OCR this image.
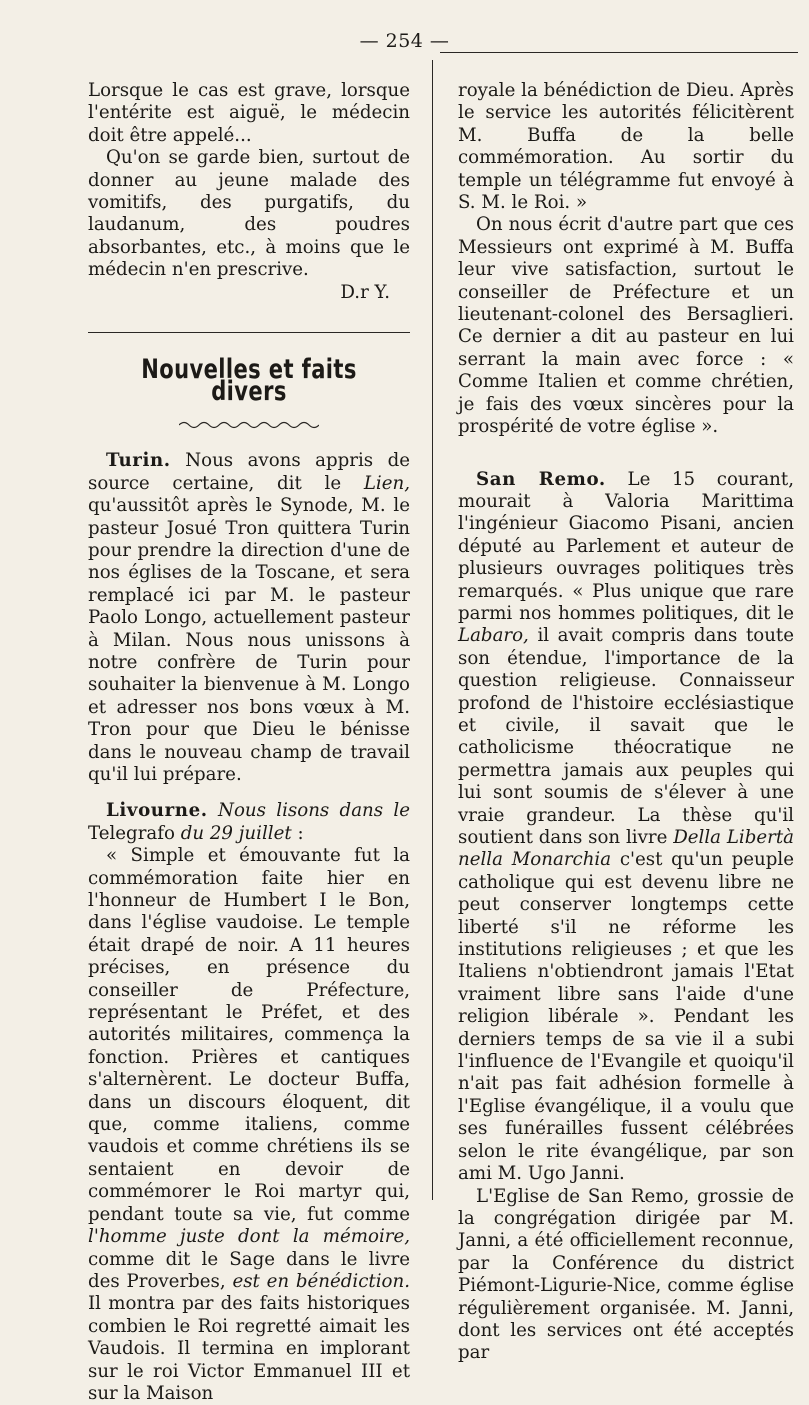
— 254 —

Lorsque le cas est grave, lorsque l'entérite est aiguë, le médecin doit être appelé...

Qu'on se garde bien, surtout de donner au jeune malade des vomitifs, des purgatifs, du laudanum, des poudres absorbantes, etc., à moins que le médecin n'en prescrive.

D.r Y.

Nouvelles et faits divers

Turin. Nous avons appris de source certaine, dit le Lien, qu'aussitôt après le Synode, M. le pasteur Josué Tron quittera Turin pour prendre la direction d'une de nos églises de la Toscane, et sera remplacé ici par M. le pasteur Paolo Longo, actuellement pasteur à Milan. Nous nous unissons à notre confrère de Turin pour souhaiter la bienvenue à M. Longo et adresser nos bons vœux à M. Tron pour que Dieu le bénisse dans le nouveau champ de travail qu'il lui prépare.

Livourne. Nous lisons dans le Telegrafo du 29 juillet :

« Simple et émouvante fut la commémoration faite hier en l'honneur de Humbert I le Bon, dans l'église vaudoise. Le temple était drapé de noir. A 11 heures précises, en présence du conseiller de Préfecture, représentant le Préfet, et des autorités militaires, commença la fonction. Prières et cantiques s'alternèrent. Le docteur Buffa, dans un discours éloquent, dit que, comme italiens, comme vaudois et comme chrétiens ils se sentaient en devoir de commémorer le Roi martyr qui, pendant toute sa vie, fut comme l'homme juste dont la mémoire, comme dit le Sage dans le livre des Proverbes, est en bénédiction. Il montra par des faits historiques combien le Roi regretté aimait les Vaudois. Il termina en implorant sur le roi Victor Emmanuel III et sur la Maison

royale la bénédiction de Dieu. Après le service les autorités félicitèrent M. Buffa de la belle commémoration. Au sortir du temple un télégramme fut envoyé à S. M. le Roi. »

On nous écrit d'autre part que ces Messieurs ont exprimé à M. Buffa leur vive satisfaction, surtout le conseiller de Préfecture et un lieutenant-colonel des Bersaglieri. Ce dernier a dit au pasteur en lui serrant la main avec force : « Comme Italien et comme chrétien, je fais des vœux sincères pour la prospérité de votre église ».

San Remo. Le 15 courant, mourait à Valoria Marittima l'ingénieur Giacomo Pisani, ancien député au Parlement et auteur de plusieurs ouvrages politiques très remarqués. « Plus unique que rare parmi nos hommes politiques, dit le Labaro, il avait compris dans toute son étendue, l'importance de la question religieuse. Connaisseur profond de l'histoire ecclésiastique et civile, il savait que le catholicisme théocratique ne permettra jamais aux peuples qui lui sont soumis de s'élever à une vraie grandeur. La thèse qu'il soutient dans son livre Della Libertà nella Monarchia c'est qu'un peuple catholique qui est devenu libre ne peut conserver longtemps cette liberté s'il ne réforme les institutions religieuses ; et que les Italiens n'obtiendront jamais l'Etat vraiment libre sans l'aide d'une religion libérale ». Pendant les derniers temps de sa vie il a subi l'influence de l'Evangile et quoiqu'il n'ait pas fait adhésion formelle à l'Eglise évangélique, il a voulu que ses funérailles fussent célébrées selon le rite évangélique, par son ami M. Ugo Janni.

L'Eglise de San Remo, grossie de la congrégation dirigée par M. Janni, a été officiellement reconnue, par la Conférence du district Piémont-Ligurie-Nice, comme église régulièrement organisée. M. Janni, dont les services ont été acceptés par
